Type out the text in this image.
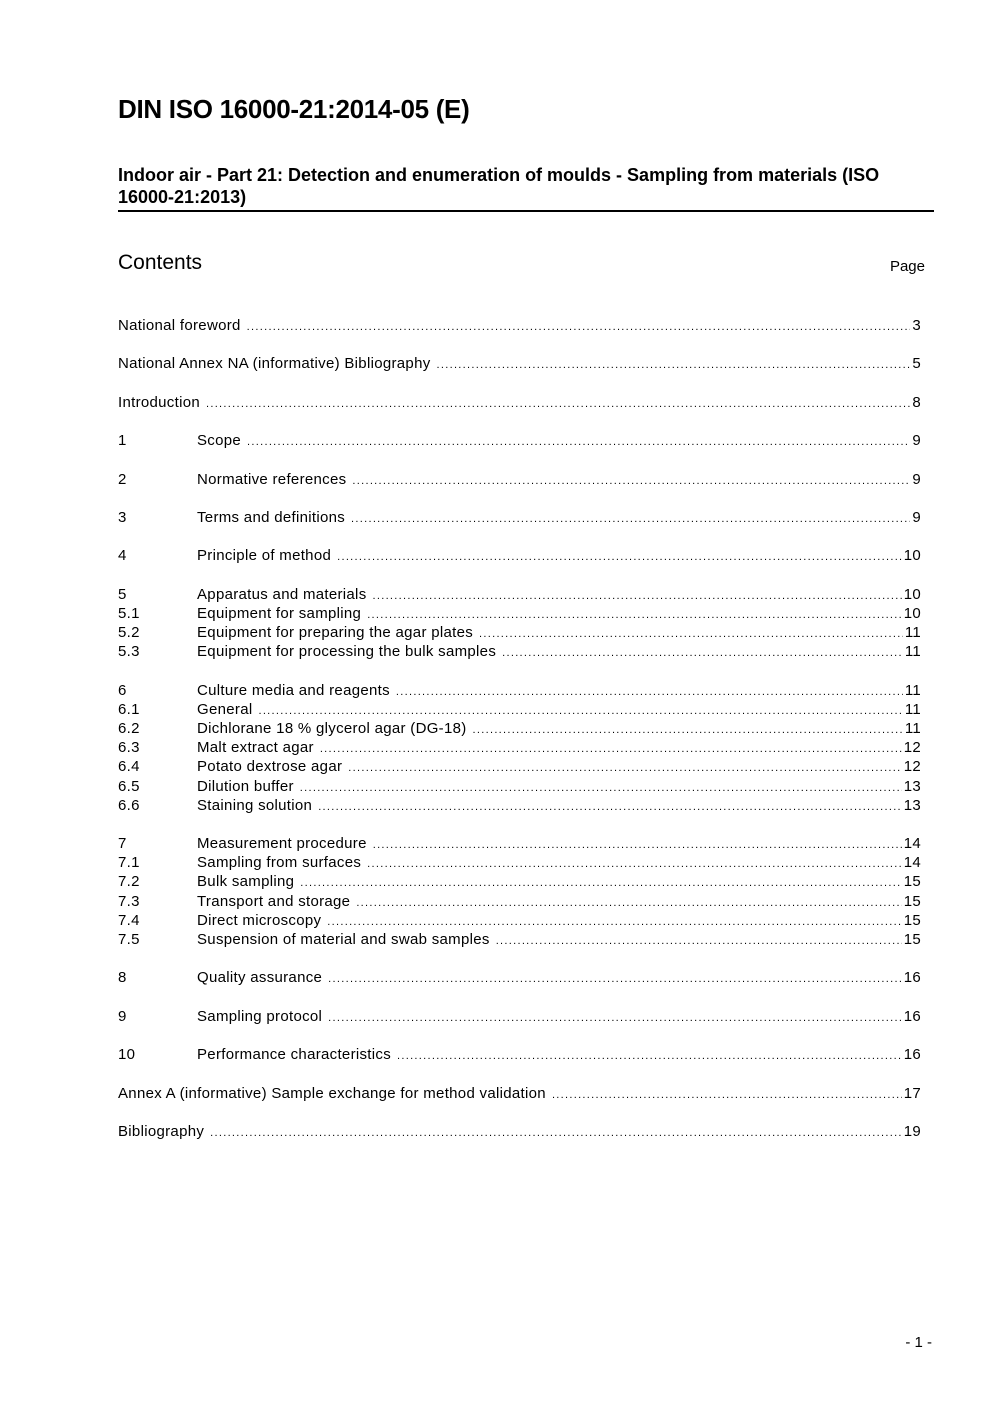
DIN ISO 16000-21:2014-05 (E)
Indoor air - Part 21: Detection and enumeration of moulds - Sampling from materials (ISO 16000-21:2013)
Contents	Page
National foreword .....	3
National Annex NA (informative) Bibliography .....	5
Introduction .....	8
1	Scope .....	9
2	Normative references .....	9
3	Terms and definitions .....	9
4	Principle of method .....	10
5	Apparatus and materials .....	10
5.1	Equipment for sampling .....	10
5.2	Equipment for preparing the agar plates .....	11
5.3	Equipment for processing the bulk samples .....	11
6	Culture media and reagents .....	11
6.1	General .....	11
6.2	Dichlorane 18 % glycerol agar (DG-18) .....	11
6.3	Malt extract agar .....	12
6.4	Potato dextrose agar .....	12
6.5	Dilution buffer .....	13
6.6	Staining solution .....	13
7	Measurement procedure .....	14
7.1	Sampling from surfaces .....	14
7.2	Bulk sampling .....	15
7.3	Transport and storage .....	15
7.4	Direct microscopy .....	15
7.5	Suspension of material and swab samples .....	15
8	Quality assurance .....	16
9	Sampling protocol .....	16
10	Performance characteristics .....	16
Annex A (informative) Sample exchange for method validation .....	17
Bibliography .....	19
- 1 -
